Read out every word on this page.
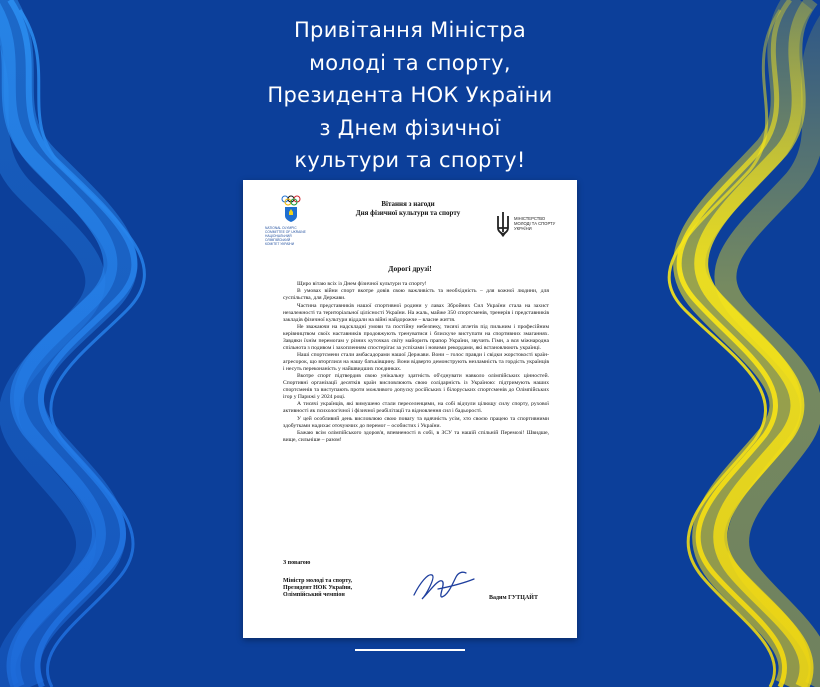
Привітання Міністра
молоді та спорту,
Президента НОК України
з Днем фізичної
культури та спорту!
NATIONAL OLYMPIC
COMMITTEE OF UKRAINE
НАЦІОНАЛЬНИЙ ОЛІМПІЙСЬКИЙ
КОМІТЕТ УКРАЇНИ
Вітання з нагоди
Дня фізичної культури та спорту
МІНІСТЕРСТВО
МОЛОДІ ТА СПОРТУ
УКРАЇНИ
Дорогі друзі!

Щиро вітаю всіх із Днем фізичної культури та спорту!

В умовах війни спорт вкотре довів свою важливість та необхідність – для кожної людини, для суспільства, для Держави.

Частина представників нашої спортивної родини у лавах Збройних Сил України стала на захист незалежності та територіальної цілісності України. На жаль, майже 350 спортсменів, тренерів і представників закладів фізичної культури віддали на війні найдорожче – власне життя.

Не зважаючи на надскладні умови та постійну небезпеку, тисячі атлетів під пильним і професійним керівництвом своїх наставників продовжують тренуватися і блискуче виступати на спортивних змаганнях. Завдяки їхнім перемогам у різних куточках світу майорить прапор України, звучить Гімн, а вся міжнародна спільнота з подивом і захопленням спостерігає за успіхами і новими рекордами, які встановлюють українці.

Наші спортсмени стали амбасадорами нашої Держави. Вони – голос правди і свідки жорстокості країн-агресорок, що вторглися на нашу батьківщину. Вони відверто демонструють незламність та гордість українців і несуть переконаність у найшвидших поєдинках.

Вкотре спорт підтвердив свою унікальну здатність об'єднувати навколо олімпійських цінностей. Спортивні організації десятків країн висловлюють свою солідарність із Україною: підтримують наших спортсменів та виступають проти можливого допуску російських і білоруських спортсменів до Олімпійських ігор у Парижі у 2024 році.

А тисячі українців, які вимушено стали переселенцями, на собі відчули цілющу силу спорту, рухової активності як психологічної і фізичної реабілітації та відновлення сил і бадьорості.

У цей особливий день висловлюю свою повагу та вдячність усім, хто своєю працею та спортивними здобутками надихає оточуючих до перемог – особистих і України.

Бажаю всім олімпійського здоров'я, впевненості в собі, в ЗСУ та нашій спільній Перемозі! Швидше, вище, сильніше – разом!

З повагою
Міністр молоді та спорту,
Президент НОК України,
Олімпійський чемпіон	Вадим ГУТЦАЙТ
